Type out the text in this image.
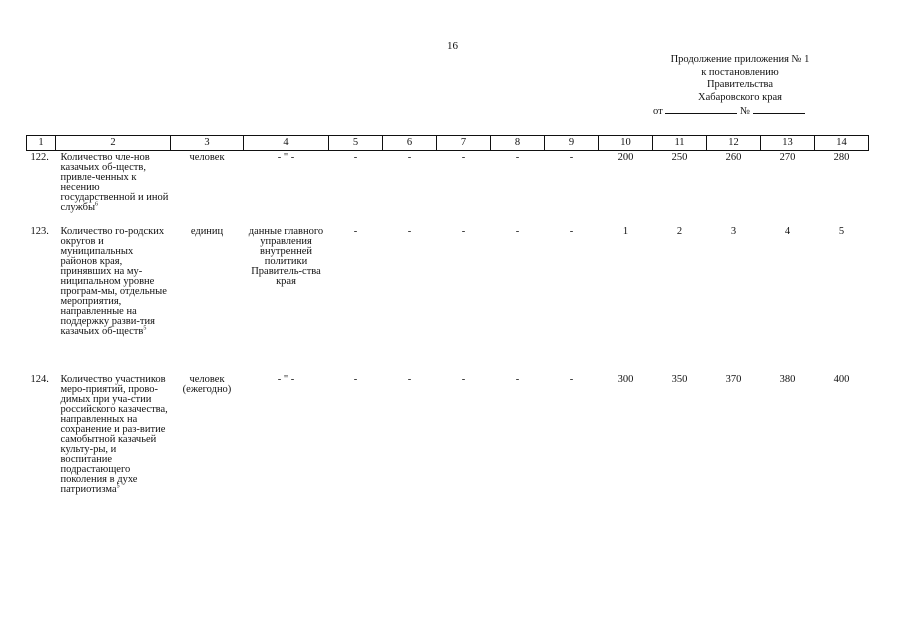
16
Продолжение приложения № 1
к постановлению
Правительства
Хабаровского края
от	№
1	2	3	4	5	6	7	8	9	10	11	12	13	14
122.	Количество чле-нов казачьих об-ществ, привле-ченных к несению государственной и иной службы$^6$	человек	- " -	-	-	-	-	-	200	250	260	270	280
123.	Количество го-родских округов и муниципальных районов края, принявших на му-ниципальном уровне програм-мы, отдельные мероприятия, направленные на поддержку разви-тия казачьих об-ществ$^5$	единиц	данные главного управления внутренней политики Правитель-ства края	-	-	-	-	-	1	2	3	4	5
124.	Количество участников меро-приятий, прово-димых при уча-стии российского казачества, направленных на сохранение и раз-витие самобытной казачьей культу-ры, и воспитание подрастающего поколения в духе патриотизма$^5$	человек (ежегодно)	- " -	-	-	-	-	-	300	350	370	380	400
